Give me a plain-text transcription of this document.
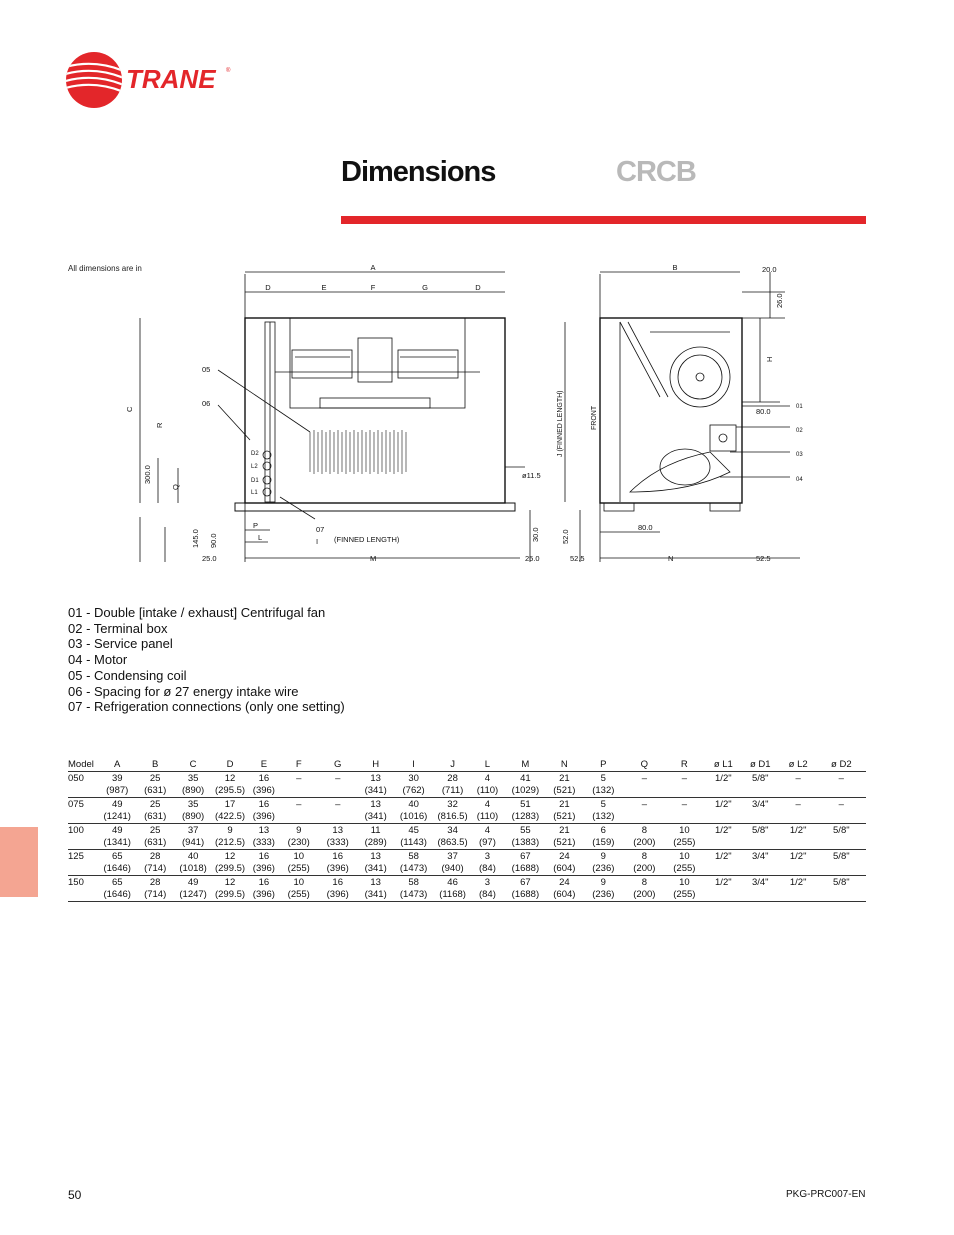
TRANE ®
Dimensions	CRCB
All dimensions are in	A
D	E	F	G	D
C
300.0
R
Q
145.0 90.0
25.0
P
L
07
I (FINNED LENGTH)
M
ø11.5
30.0
25.0
05
06
D2
L2
D1
L1
B	20.0
26.0
H
J (FINNED LENGTH)	FRONT	80.0	01
02
03
04
52.0
80.0
52.5	N	52.5
01 - Double [intake / exhaust] Centrifugal fan
02 - Terminal box
03 - Service panel
04 - Motor
05 - Condensing coil
06 - Spacing for ø 27 energy intake wire
07 - Refrigeration connections (only one setting)
Model	A	B	C	D	E	F	G	H	I	J	L	M	N	P	Q	R	ø L1	ø D1	ø L2	ø D2
050	39	25	35	12	16	–	–	13	30	28	4	41	21	5	–	–	1/2"	5/8"	–	–
	(987)	(631)	(890)	(295.5)	(396)			(341)	(762)	(711)	(110)	(1029)	(521)	(132)						
075	49	25	35	17	16	–	–	13	40	32	4	51	21	5	–	–	1/2"	3/4"	–	–
	(1241)	(631)	(890)	(422.5)	(396)			(341)	(1016)	(816.5)	(110)	(1283)	(521)	(132)						
100	49	25	37	9	13	9	13	11	45	34	4	55	21	6	8	10	1/2"	5/8"	1/2"	5/8"
	(1341)	(631)	(941)	(212.5)	(333)	(230)	(333)	(289)	(1143)	(863.5)	(97)	(1383)	(521)	(159)	(200)	(255)				
125	65	28	40	12	16	10	16	13	58	37	3	67	24	9	8	10	1/2"	3/4"	1/2"	5/8"
	(1646)	(714)	(1018)	(299.5)	(396)	(255)	(396)	(341)	(1473)	(940)	(84)	(1688)	(604)	(236)	(200)	(255)				
150	65	28	49	12	16	10	16	13	58	46	3	67	24	9	8	10	1/2"	3/4"	1/2"	5/8"
	(1646)	(714)	(1247)	(299.5)	(396)	(255)	(396)	(341)	(1473)	(1168)	(84)	(1688)	(604)	(236)	(200)	(255)				
50	PKG-PRC007-EN
